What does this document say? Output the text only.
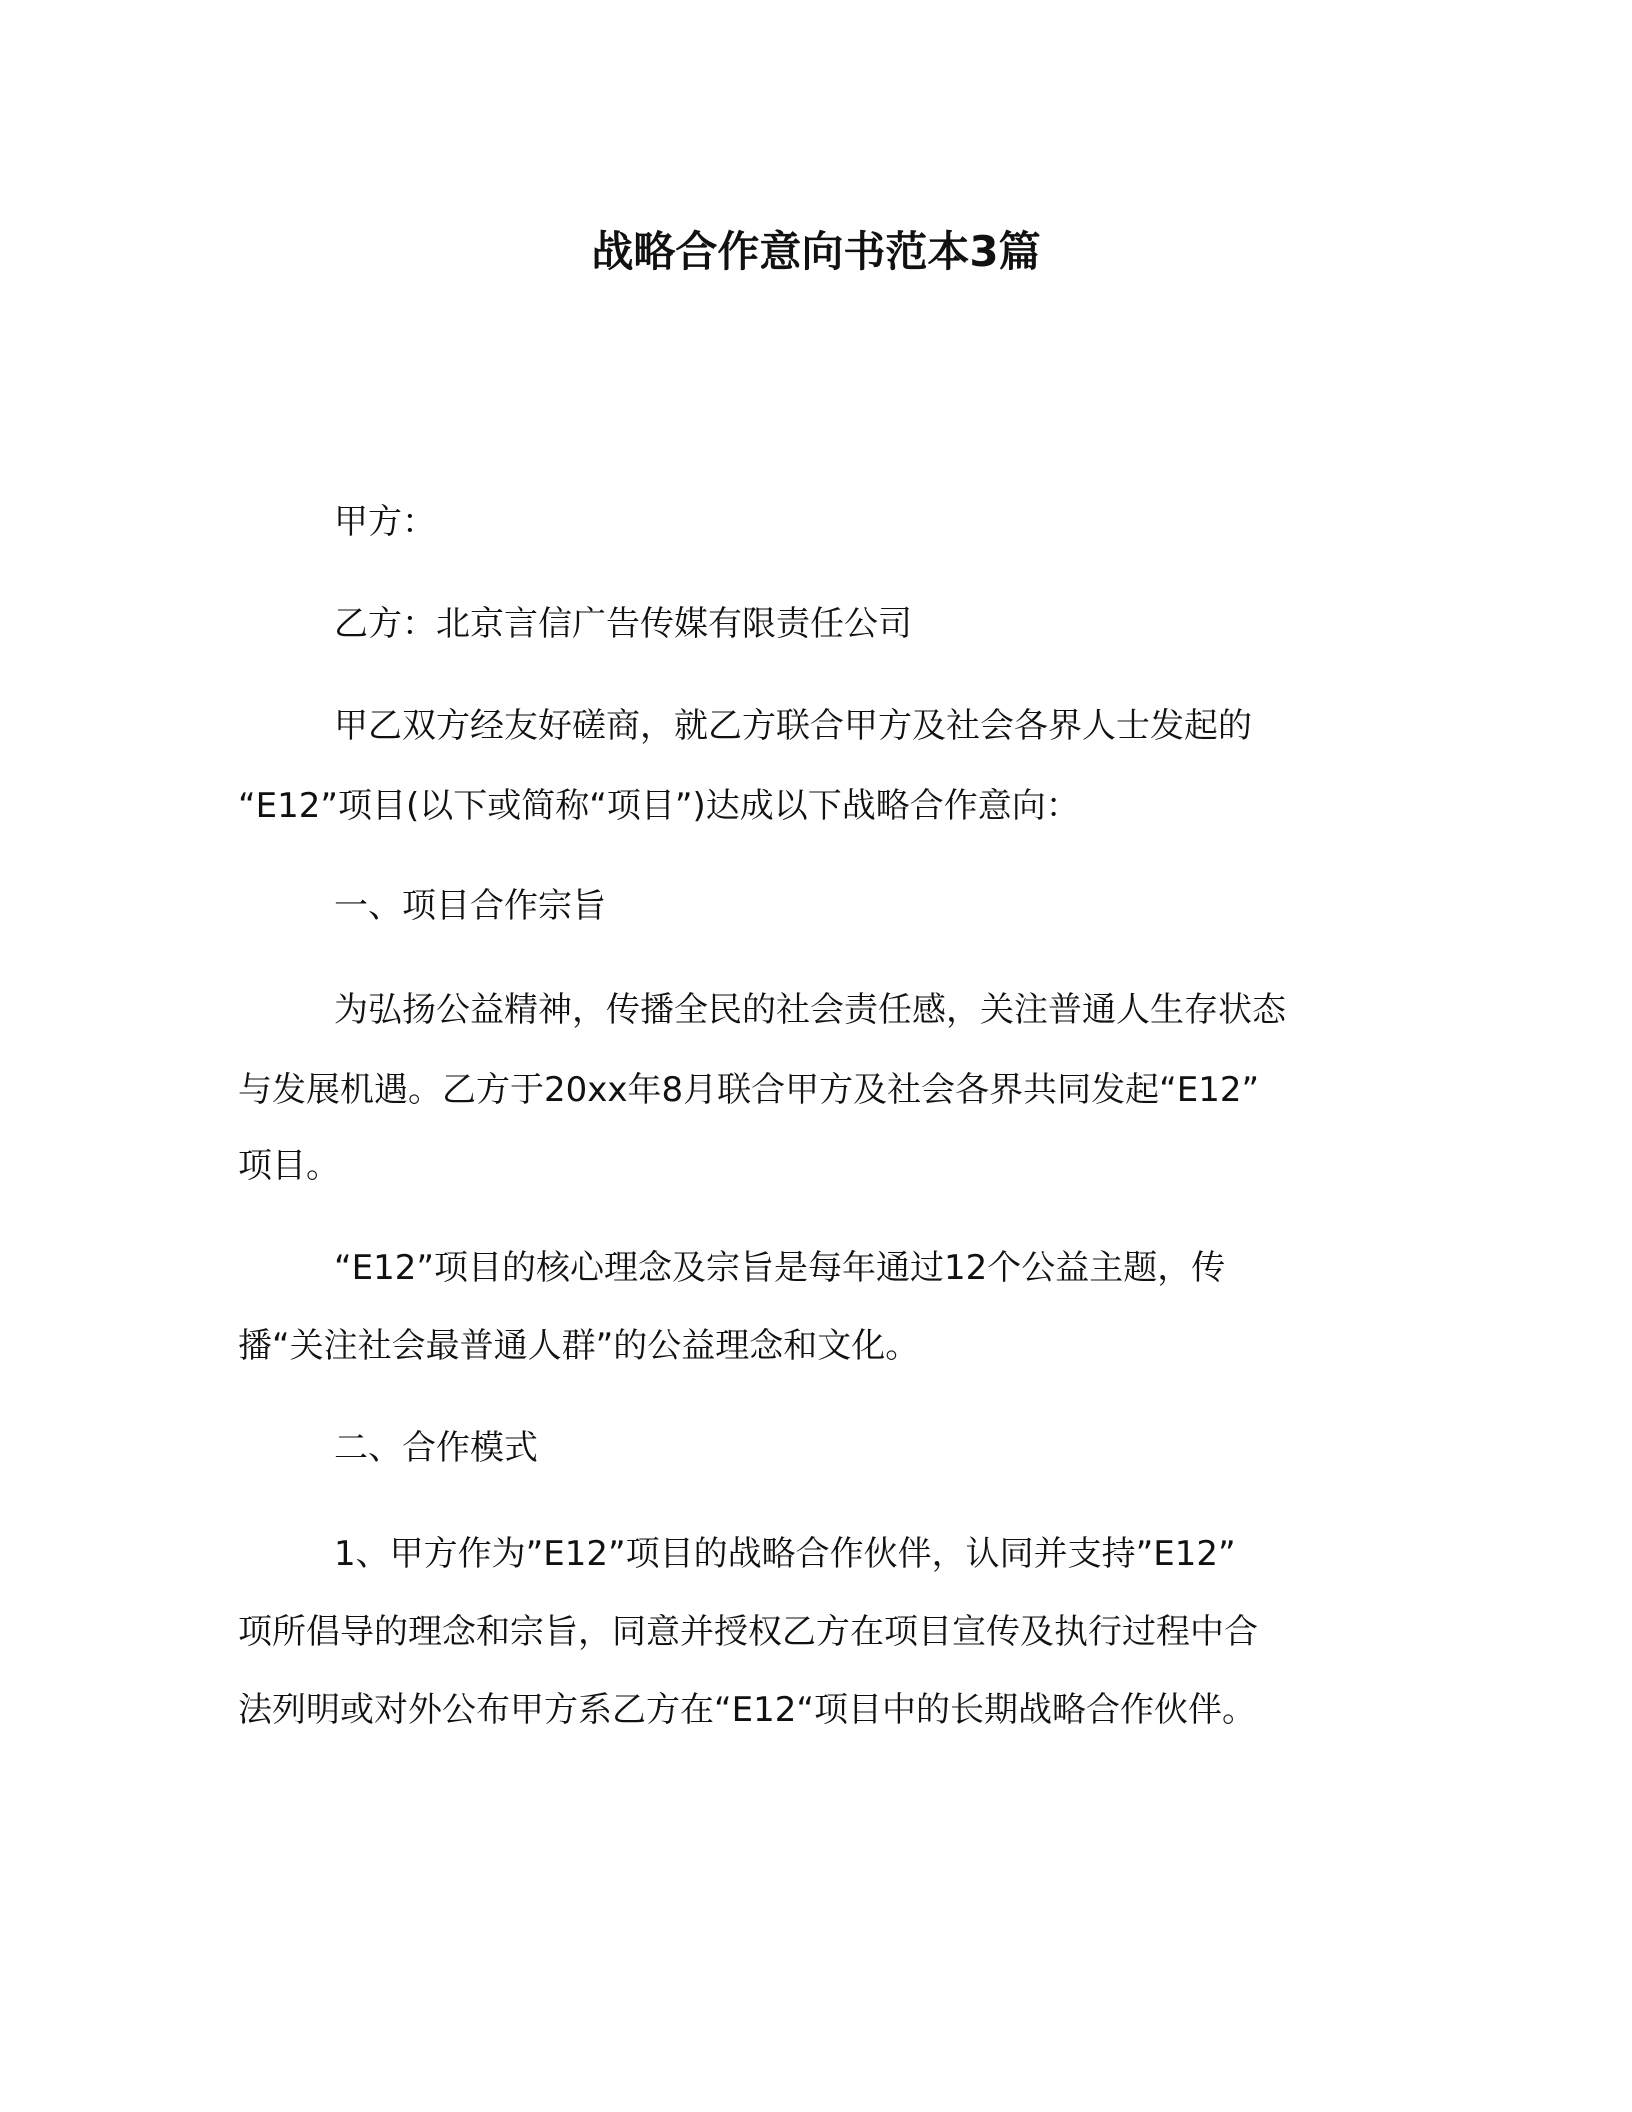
战略合作意向书范本3篇
甲方：
乙方：北京言信广告传媒有限责任公司
甲乙双方经友好磋商，就乙方联合甲方及社会各界人士发起的
“E12”项目(以下或简称“项目”)达成以下战略合作意向：
一、项目合作宗旨
为弘扬公益精神，传播全民的社会责任感，关注普通人生存状态
与发展机遇。乙方于20xx年8月联合甲方及社会各界共同发起“E12”
项目。
“E12”项目的核心理念及宗旨是每年通过12个公益主题，传
播“关注社会最普通人群”的公益理念和文化。
二、合作模式
1、甲方作为”E12”项目的战略合作伙伴，认同并支持”E12”
项所倡导的理念和宗旨，同意并授权乙方在项目宣传及执行过程中合
法列明或对外公布甲方系乙方在“E12“项目中的长期战略合作伙伴。
